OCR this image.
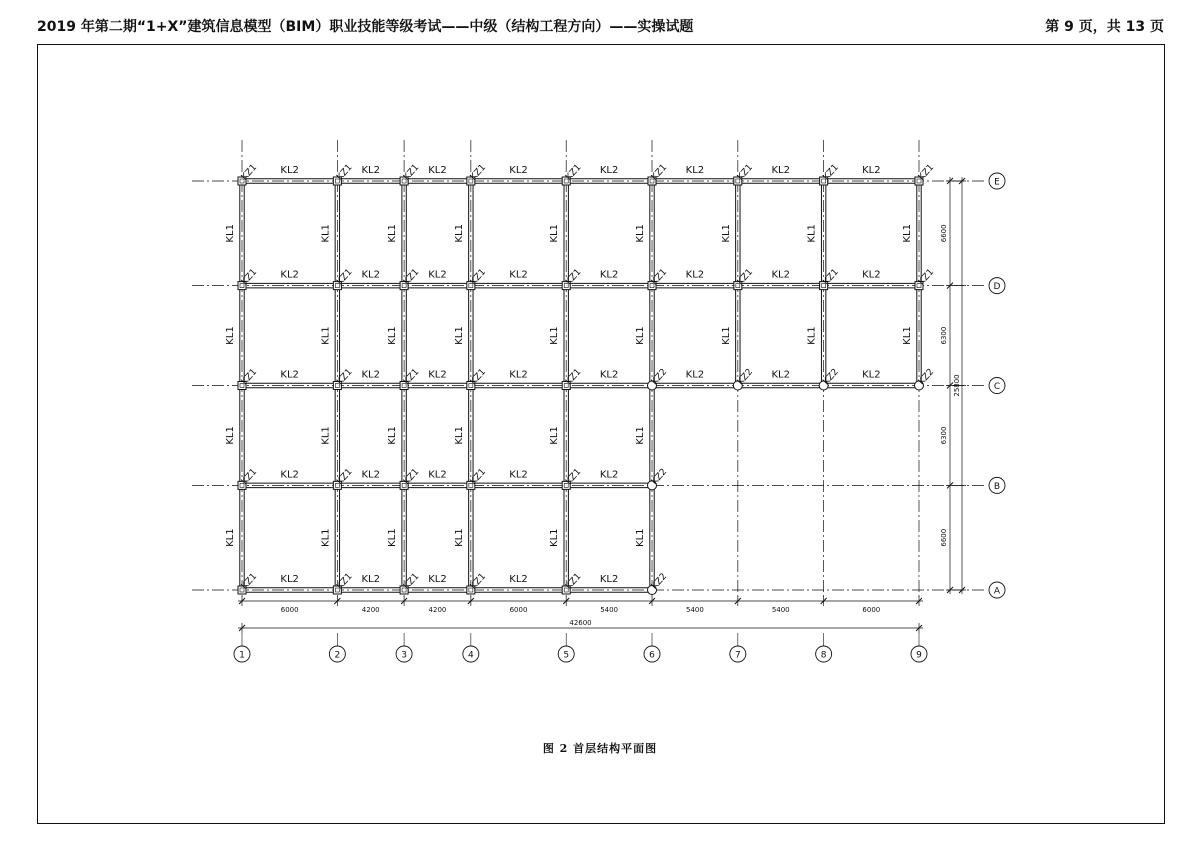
2019 年第二期“1+X”建筑信息模型（BIM）职业技能等级考试——中级（结构工程方向）——实操试题	第 9 页，共 13 页
KL2	KL2	KL2	KL2	KL2
KL2	KL2	KL2	KL2	KL2
KL2	KL2	KL2	KL2	KL2	KL2	KL2	KL2
KL2	KL2	KL2	KL2	KL2	KL2	KL2	KL2
KL2	KL2	KL2	KL2	KL2	KL2	KL2	KL2
KL1
KL1
KL1
KL1
KL1
KL1
KL1
KL1
KL1
KL1
KL1
KL1
KL1
KL1
KL1
KL1
KL1
KL1
KL1
KL1
KL1
KL1
KL1
KL1
KL1
KL1
KL1
KL1
KL1
KL1
KZ1	KZ1	KZ1	KZ1	KZ1	KZ2
KZ1	KZ1	KZ1	KZ1	KZ1	KZ2
KZ1	KZ1	KZ1	KZ1	KZ1	KZ2	KZ2	KZ2	KZ2
KZ1	KZ1	KZ1	KZ1	KZ1	KZ1	KZ1	KZ1	KZ1
KZ1	KZ1	KZ1	KZ1	KZ1	KZ1	KZ1	KZ1	KZ1
6000	4200	4200	6000	5400	5400	5400	6000
42600
6600
6300
6300
6600
25800
1	2	3	4	5	6	7	8	9
A
B
C
D
E
图 2 首层结构平面图
